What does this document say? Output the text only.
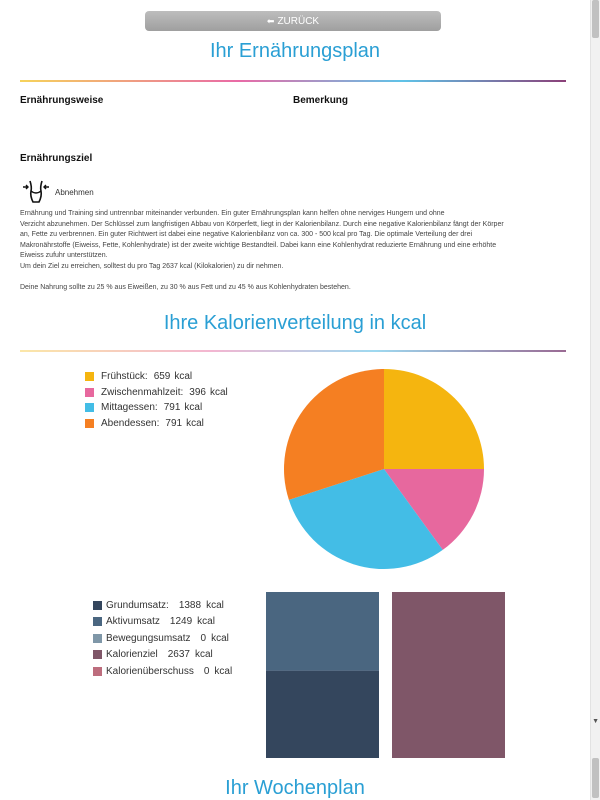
▼
⬅ ZURÜCK
Ihr Ernährungsplan
Ernährungsweise	Bemerkung
Ernährungsziel
Abnehmen
Ernährung und Training sind untrennbar miteinander verbunden. Ein guter Ernährungsplan kann helfen ohne nerviges Hungern und ohne
Verzicht abzunehmen. Der Schlüssel zum langfristigen Abbau von Körperfett, liegt in der Kalorienbilanz. Durch eine negative Kalorienbilanz fängt der Körper
an, Fette zu verbrennen. Ein guter Richtwert ist dabei eine negative Kalorienbilanz von ca. 300 - 500 kcal pro Tag. Die optimale Verteilung der drei
Makronährstoffe (Eiweiss, Fette, Kohlenhydrate) ist der zweite wichtige Bestandteil. Dabei kann eine Kohlenhydrat reduzierte Ernährung und eine erhöhte
Eiweiss zufuhr unterstützen.
Um dein Ziel zu erreichen, solltest du pro Tag 2637 kcal (Kilokalorien) zu dir nehmen.
Deine Nahrung sollte zu 25 % aus Eiweißen, zu 30 % aus Fett und zu 45 % aus Kohlenhydraten bestehen.
Ihre Kalorienverteilung in kcal
Frühstück: 659 kcal
Zwischenmahlzeit: 396 kcal
Mittagessen: 791 kcal
Abendessen: 791 kcal
Grundumsatz: 1388 kcal
Aktivumsatz 1249 kcal
Bewegungsumsatz 0 kcal
Kalorienziel 2637 kcal
Kalorienüberschuss 0 kcal
Ihr Wochenplan
